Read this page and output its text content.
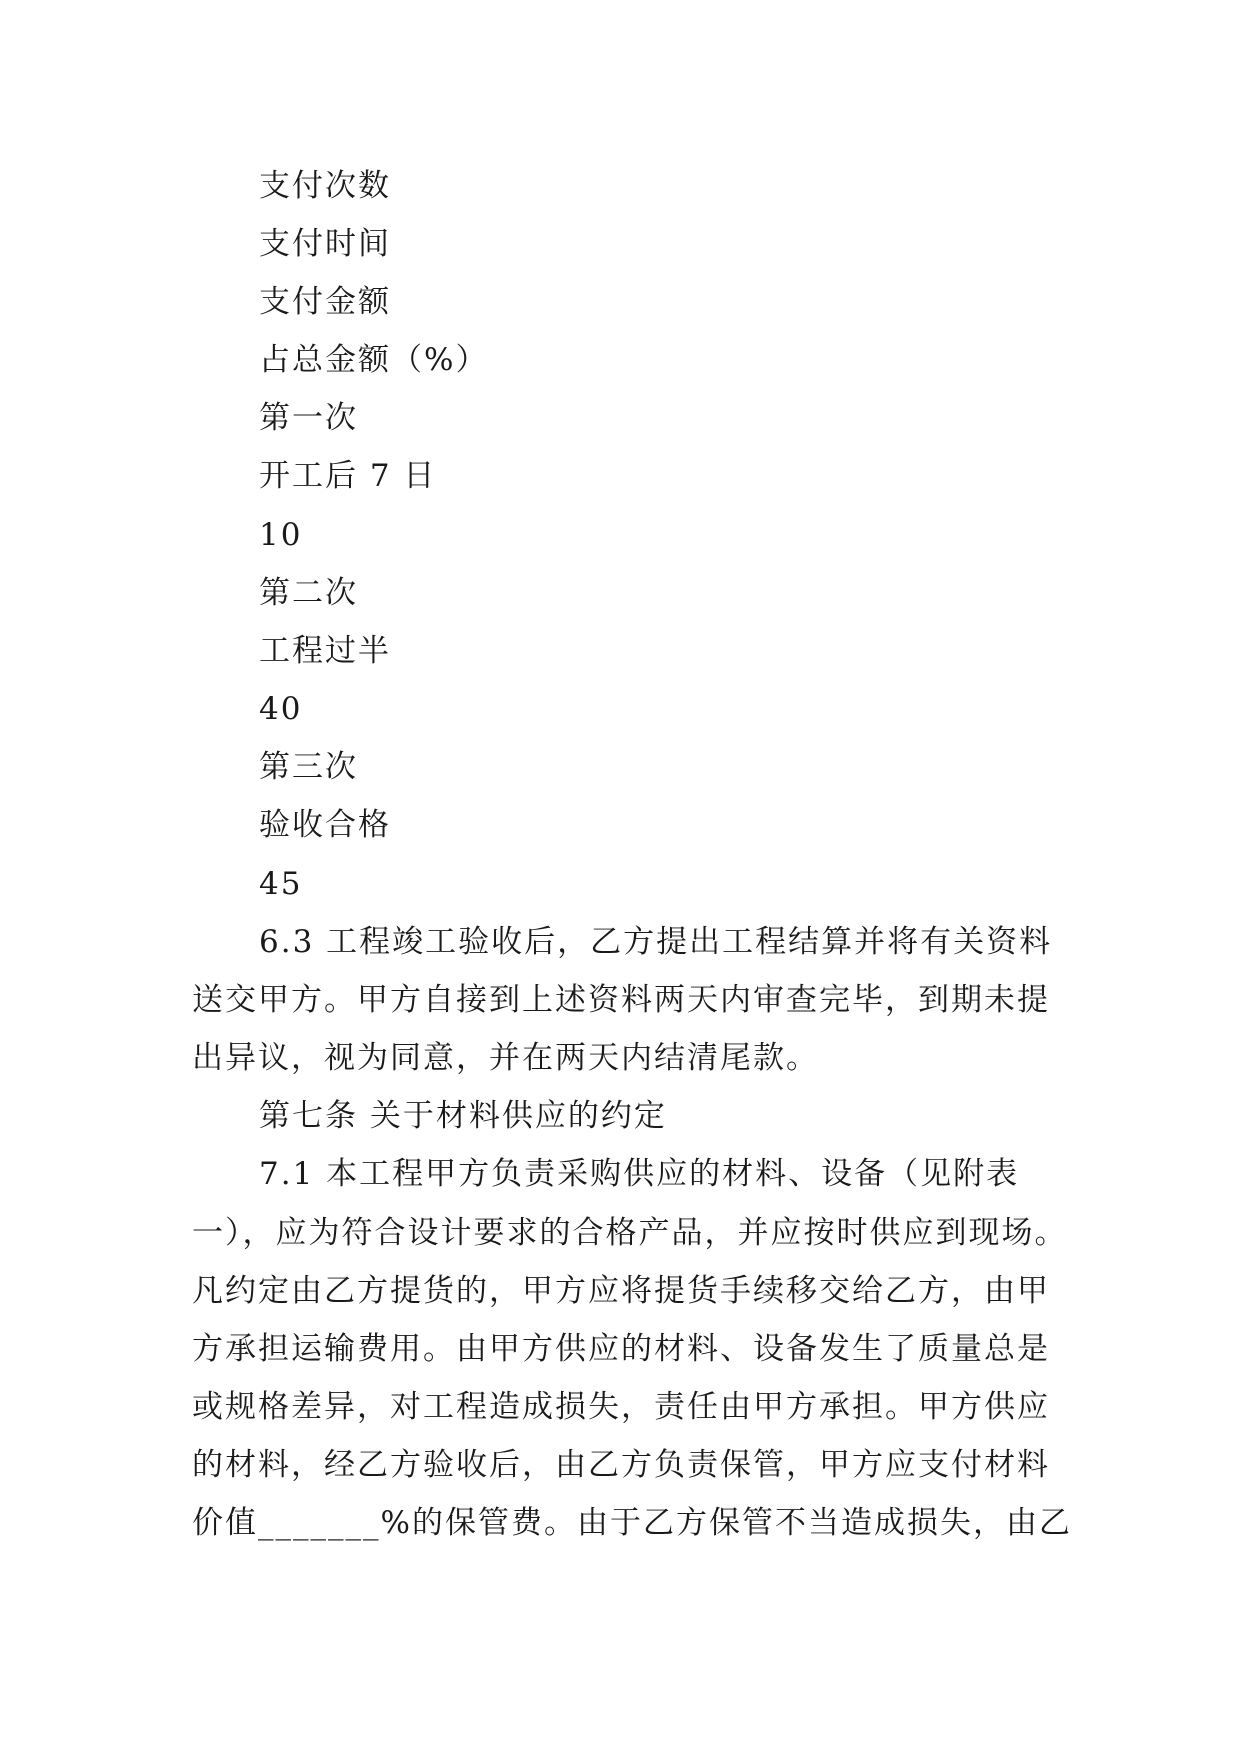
支付次数
支付时间
支付金额
占总金额（%）
第一次
开工后 7 日
10
第二次
工程过半
40
第三次
验收合格
45
6.3 工程竣工验收后，乙方提出工程结算并将有关资料
送交甲方。甲方自接到上述资料两天内审查完毕，到期未提
出异议，视为同意，并在两天内结清尾款。
第七条 关于材料供应的约定
7.1 本工程甲方负责采购供应的材料、设备（见附表
一），应为符合设计要求的合格产品，并应按时供应到现场。
凡约定由乙方提货的，甲方应将提货手续移交给乙方，由甲
方承担运输费用。由甲方供应的材料、设备发生了质量总是
或规格差异，对工程造成损失，责任由甲方承担。甲方供应
的材料，经乙方验收后，由乙方负责保管，甲方应支付材料
价值_______%的保管费。由于乙方保管不当造成损失，由乙
